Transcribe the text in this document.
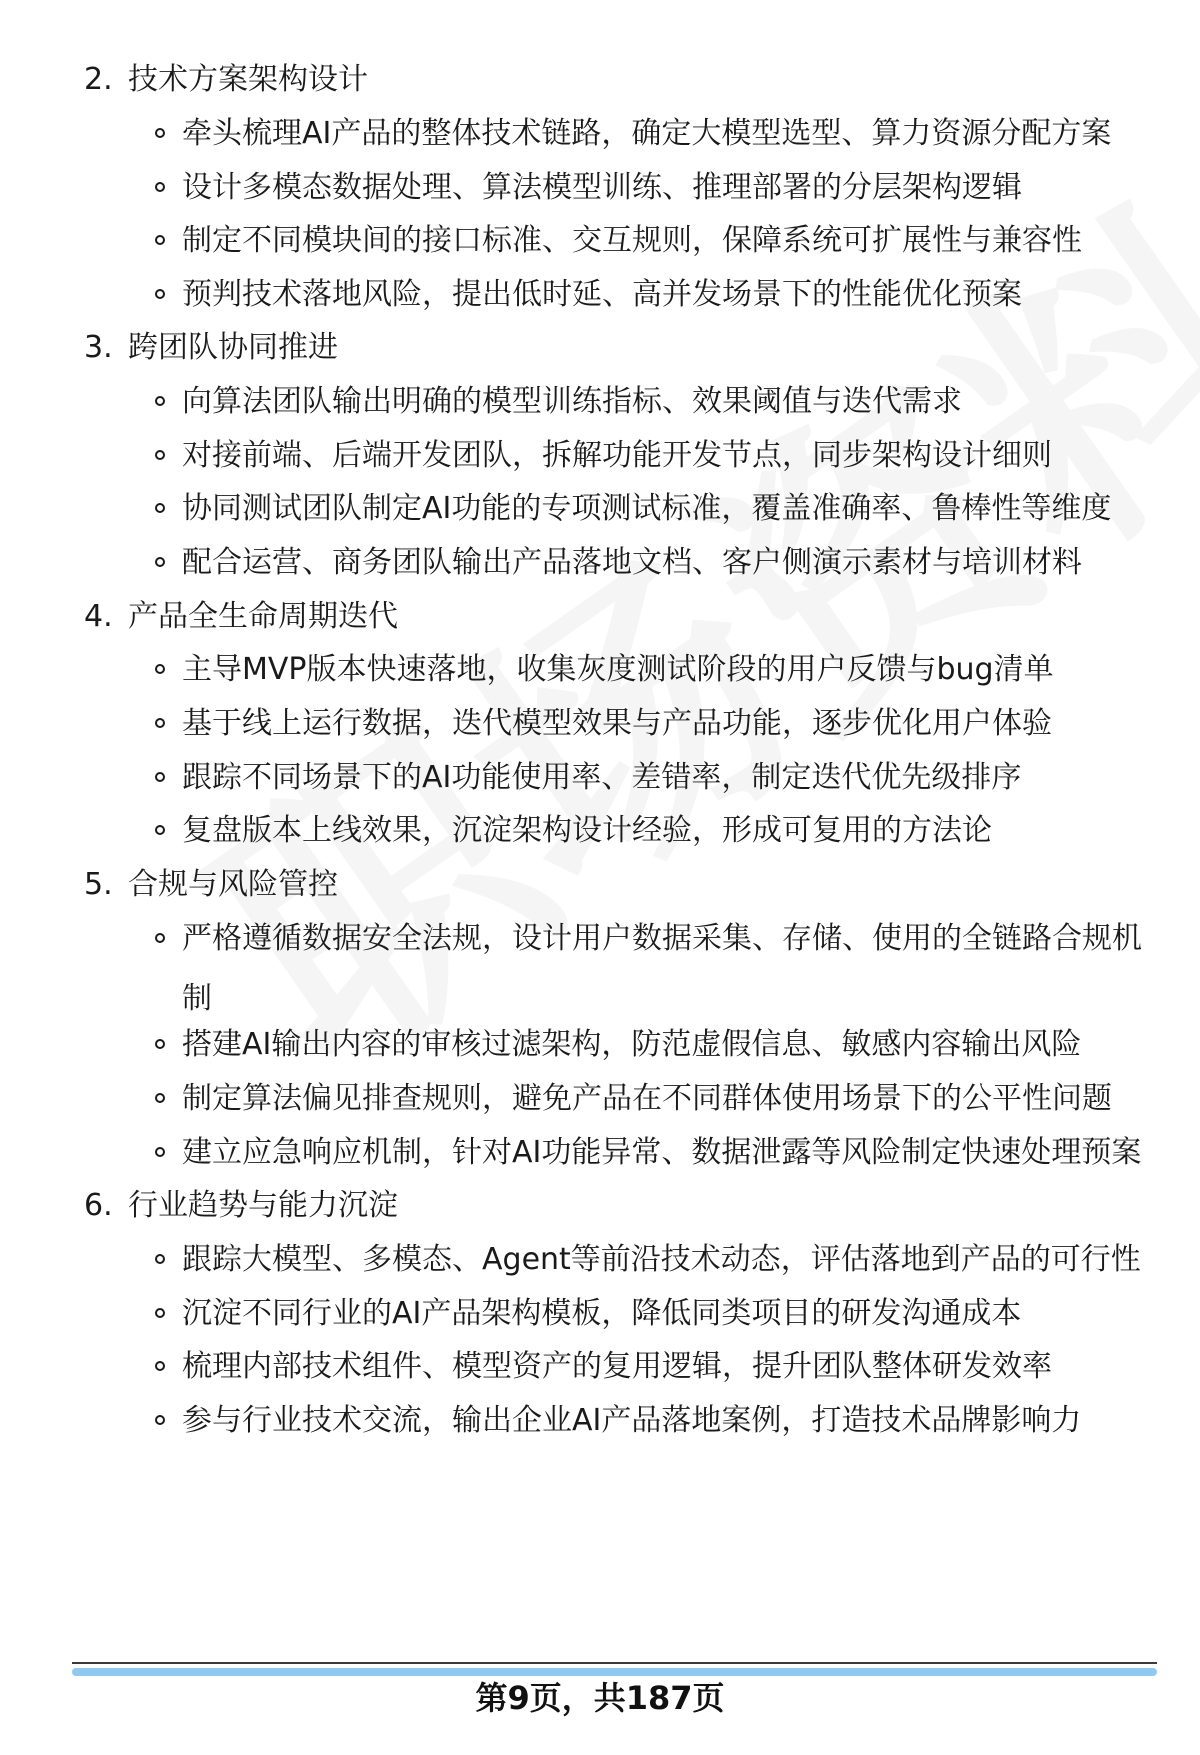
2. 技术方案架构设计
牵头梳理AI产品的整体技术链路，确定大模型选型、算力资源分配方案
设计多模态数据处理、算法模型训练、推理部署的分层架构逻辑
制定不同模块间的接口标准、交互规则，保障系统可扩展性与兼容性
预判技术落地风险，提出低时延、高并发场景下的性能优化预案
3. 跨团队协同推进
向算法团队输出明确的模型训练指标、效果阈值与迭代需求
对接前端、后端开发团队，拆解功能开发节点，同步架构设计细则
协同测试团队制定AI功能的专项测试标准，覆盖准确率、鲁棒性等维度
配合运营、商务团队输出产品落地文档、客户侧演示素材与培训材料
4. 产品全生命周期迭代
主导MVP版本快速落地，收集灰度测试阶段的用户反馈与bug清单
基于线上运行数据，迭代模型效果与产品功能，逐步优化用户体验
跟踪不同场景下的AI功能使用率、差错率，制定迭代优先级排序
复盘版本上线效果，沉淀架构设计经验，形成可复用的方法论
5. 合规与风险管控
严格遵循数据安全法规，设计用户数据采集、存储、使用的全链路合规机制
搭建AI输出内容的审核过滤架构，防范虚假信息、敏感内容输出风险
制定算法偏见排查规则，避免产品在不同群体使用场景下的公平性问题
建立应急响应机制，针对AI功能异常、数据泄露等风险制定快速处理预案
6. 行业趋势与能力沉淀
跟踪大模型、多模态、Agent等前沿技术动态，评估落地到产品的可行性
沉淀不同行业的AI产品架构模板，降低同类项目的研发沟通成本
梳理内部技术组件、模型资产的复用逻辑，提升团队整体研发效率
参与行业技术交流，输出企业AI产品落地案例，打造技术品牌影响力
第9页，共187页
